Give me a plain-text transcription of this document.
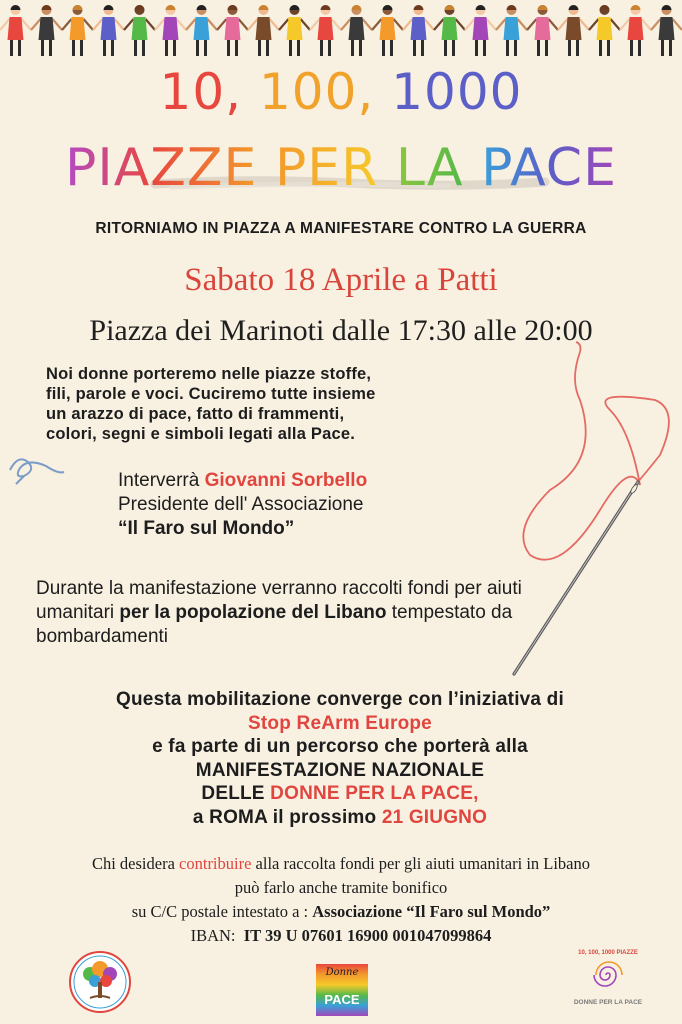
10, 100, 1000
PIAZZE PER LA PACE
RITORNIAMO IN PIAZZA A MANIFESTARE CONTRO LA GUERRA
Sabato 18 Aprile a Patti
Piazza dei Marinoti dalle 17:30 alle 20:00
Noi donne porteremo nelle piazze stoffe,
fili, parole e voci. Cuciremo tutte insieme
un arazzo di pace, fatto di frammenti,
colori, segni e simboli legati alla Pace.
Interverrà Giovanni Sorbello
Presidente dell' Associazione
“Il Faro sul Mondo”
Durante la manifestazione verranno raccolti fondi per aiuti umanitari per la popolazione del Libano tempestato da bombardamenti
Questa mobilitazione converge con l’iniziativa di
Stop ReArm Europe
e fa parte di un percorso che porterà alla
MANIFESTAZIONE NAZIONALE
DELLE DONNE PER LA PACE,
a ROMA il prossimo 21 GIUGNO
Chi desidera contribuire alla raccolta fondi per gli aiuti umanitari in Libano
può farlo anche tramite bonifico
su C/C postale intestato a : Associazione “Il Faro sul Mondo”
IBAN: IT 39 U 07601 16900 001047099864
Donne
PACE
10, 100, 1000 PIAZZE
DONNE PER LA PACE
